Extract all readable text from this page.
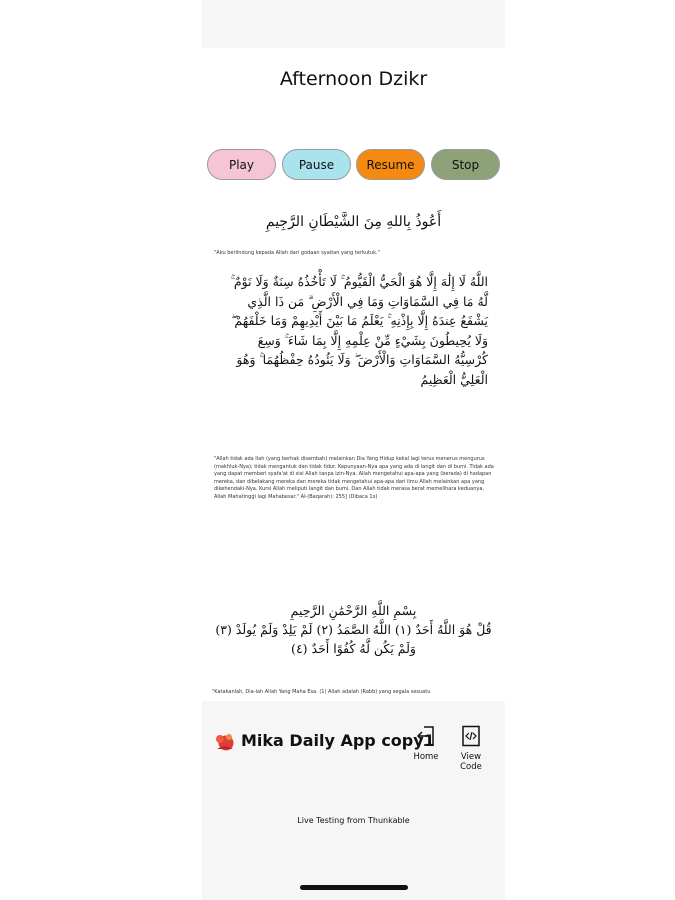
Afternoon Dzikr
Play	Pause	Resume	Stop
أَعُوذُ بِاللهِ مِنَ الشَّيْطَانِ الرَّجِيمِ
"Aku berlindung kepada Allah dari godaan syaitan yang terkutuk."
اللَّهُ لَا إِلَٰهَ إِلَّا هُوَ الْحَيُّ الْقَيُّومُ ۚ لَا تَأْخُذُهُ سِنَةٌ وَلَا نَوْمٌ ۚ لَّهُ مَا فِي السَّمَاوَاتِ وَمَا فِي الْأَرْضِ ۗ مَن ذَا الَّذِي يَشْفَعُ عِندَهُ إِلَّا بِإِذْنِهِ ۚ يَعْلَمُ مَا بَيْنَ أَيْدِيهِمْ وَمَا خَلْفَهُمْ ۖ وَلَا يُحِيطُونَ بِشَيْءٍ مِّنْ عِلْمِهِ إِلَّا بِمَا شَاءَ ۚ وَسِعَ كُرْسِيُّهُ السَّمَاوَاتِ وَالْأَرْضَ ۖ وَلَا يَئُودُهُ حِفْظُهُمَا ۚ وَهُوَ الْعَلِيُّ الْعَظِيمُ
"Allah tidak ada Ilah (yang berhak disembah) melainkan Dia Yang Hidup kekal lagi terus menerus mengurus (makhluk-Nya); tidak mengantuk dan tidak tidur. Kepunyaan-Nya apa yang ada di langit dan di bumi. Tidak ada yang dapat memberi syafa'at di sisi Allah tanpa izin-Nya. Allah mengetahui apa-apa yang (berada) di hadapan mereka, dan dibelakang mereka dan mereka tidak mengetahui apa-apa dari ilmu Allah melainkan apa yang dikehendaki-Nya. Kursi Allah meliputi langit dan bumi. Dan Allah tidak merasa berat memelihara keduanya, Allah Mahatinggi lagi Mahabesar." Al-(Baqarah): 255] (Dibaca 1x)
بِسْمِ اللَّهِ الرَّحْمَٰنِ الرَّحِيمِ
قُلْ هُوَ اللَّهُ أَحَدٌ (١) اللَّهُ الصَّمَدُ (٢) لَمْ يَلِدْ وَلَمْ يُولَدْ (٣)
وَلَمْ يَكُن لَّهُ كُفُوًا أَحَدٌ (٤)
"Katakanlah, Dia-lah Allah Yang Maha Esa. (1) Allah adalah (Rabb) yang segala sesuatu
Mika Daily App copy1
Home	View Code
Live Testing from Thunkable
